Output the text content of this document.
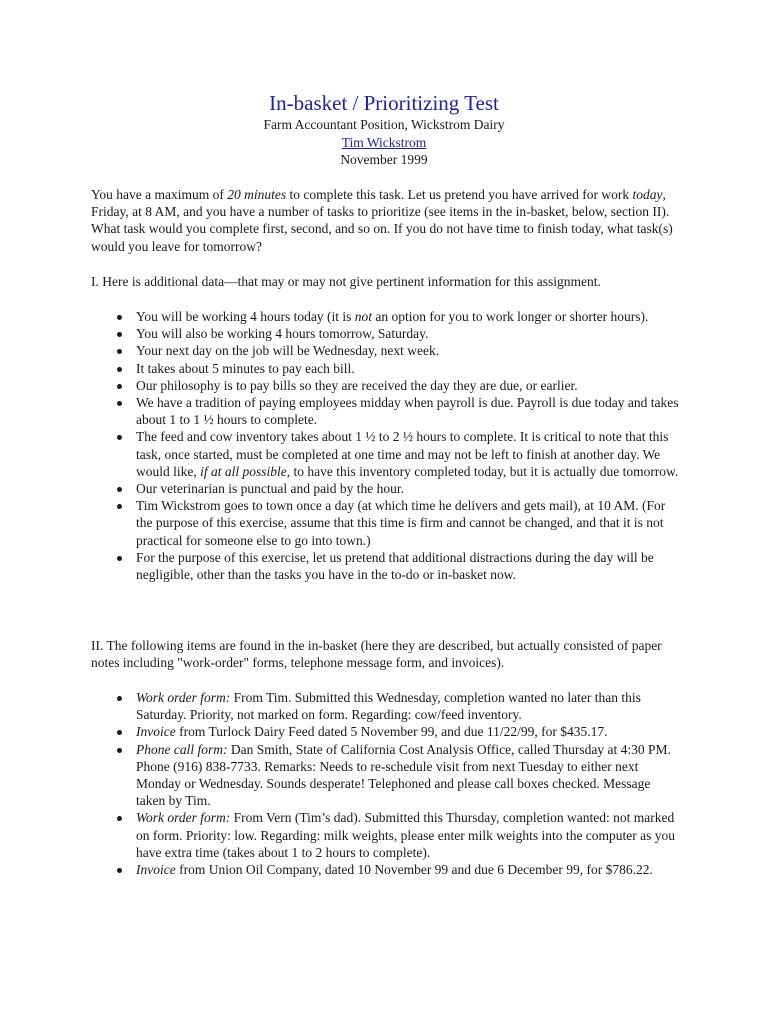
In-basket / Prioritizing Test

Farm Accountant Position, Wickstrom Dairy

Tim Wickstrom

November 1999

You have a maximum of 20 minutes to complete this task. Let us pretend you have arrived for work today, Friday, at 8 AM, and you have a number of tasks to prioritize (see items in the in-basket, below, section II). What task would you complete first, second, and so on. If you do not have time to finish today, what task(s) would you leave for tomorrow?

I. Here is additional data—that may or may not give pertinent information for this assignment.

You will be working 4 hours today (it is not an option for you to work longer or shorter hours).
You will also be working 4 hours tomorrow, Saturday.
Your next day on the job will be Wednesday, next week.
It takes about 5 minutes to pay each bill.
Our philosophy is to pay bills so they are received the day they are due, or earlier.
We have a tradition of paying employees midday when payroll is due. Payroll is due today and takes about 1 to 1 ½ hours to complete.
The feed and cow inventory takes about 1 ½ to 2 ½ hours to complete. It is critical to note that this task, once started, must be completed at one time and may not be left to finish at another day. We would like, if at all possible, to have this inventory completed today, but it is actually due tomorrow.
Our veterinarian is punctual and paid by the hour.
Tim Wickstrom goes to town once a day (at which time he delivers and gets mail), at 10 AM. (For the purpose of this exercise, assume that this time is firm and cannot be changed, and that it is not practical for someone else to go into town.)
For the purpose of this exercise, let us pretend that additional distractions during the day will be negligible, other than the tasks you have in the to-do or in-basket now.

II. The following items are found in the in-basket (here they are described, but actually consisted of paper notes including "work-order" forms, telephone message form, and invoices).

Work order form: From Tim. Submitted this Wednesday, completion wanted no later than this Saturday. Priority, not marked on form. Regarding: cow/feed inventory.
Invoice from Turlock Dairy Feed dated 5 November 99, and due 11/22/99, for $435.17.
Phone call form: Dan Smith, State of California Cost Analysis Office, called Thursday at 4:30 PM. Phone (916) 838-7733. Remarks: Needs to re-schedule visit from next Tuesday to either next Monday or Wednesday. Sounds desperate! Telephoned and please call boxes checked. Message taken by Tim.
Work order form: From Vern (Tim’s dad). Submitted this Thursday, completion wanted: not marked on form. Priority: low. Regarding: milk weights, please enter milk weights into the computer as you have extra time (takes about 1 to 2 hours to complete).
Invoice from Union Oil Company, dated 10 November 99 and due 6 December 99, for $786.22.
